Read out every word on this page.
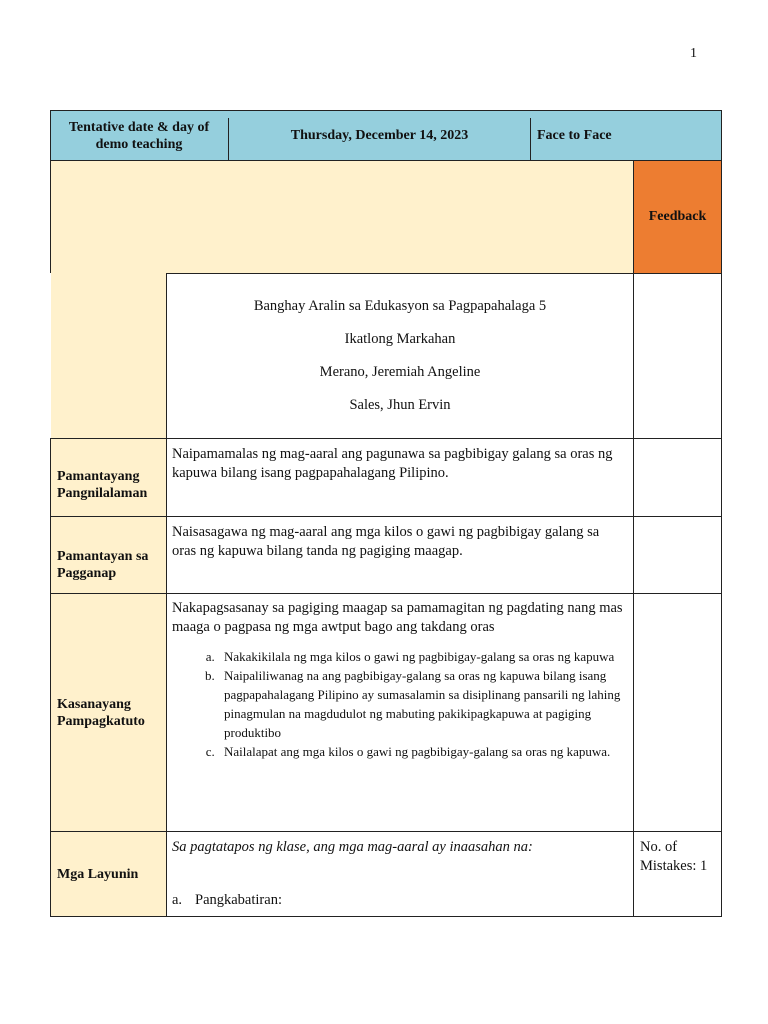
1
Tentative date & day of demo teaching
Thursday, December 14, 2023	Face to Face
Feedback
Banghay Aralin sa Edukasyon sa Pagpapahalaga 5
Ikatlong Markahan
Merano, Jeremiah Angeline
Sales, Jhun Ervin
Pamantayang Pangnilalaman
Pamantayan sa Pagganap
Kasanayang Pampagkatuto
Mga Layunin
Naipamamalas ng mag-aaral ang pagunawa sa pagbibigay galang sa oras ng kapuwa bilang isang pagpapahalagang Pilipino.
Naisasagawa ng mag-aaral ang mga kilos o gawi ng pagbibigay galang sa oras ng kapuwa bilang tanda ng pagiging maagap.
Nakapagsasanay sa pagiging maagap sa pamamagitan ng pagdating nang mas maaga o pagpasa ng mga awtput bago ang takdang oras
a. Nakakikilala ng mga kilos o gawi ng pagbibigay-galang sa oras ng kapuwa
b. Naipaliliwanag na ang pagbibigay-galang sa oras ng kapuwa bilang isang pagpapahalagang Pilipino ay sumasalamin sa disiplinang pansarili ng lahing pinagmulan na magdudulot ng mabuting pakikipagkapuwa at pagiging produktibo
c. Nailalapat ang mga kilos o gawi ng pagbibigay-galang sa oras ng kapuwa.
Sa pagtatapos ng klase, ang mga mag-aaral ay inaasahan na:
a. Pangkabatiran:
No. of Mistakes: 1
